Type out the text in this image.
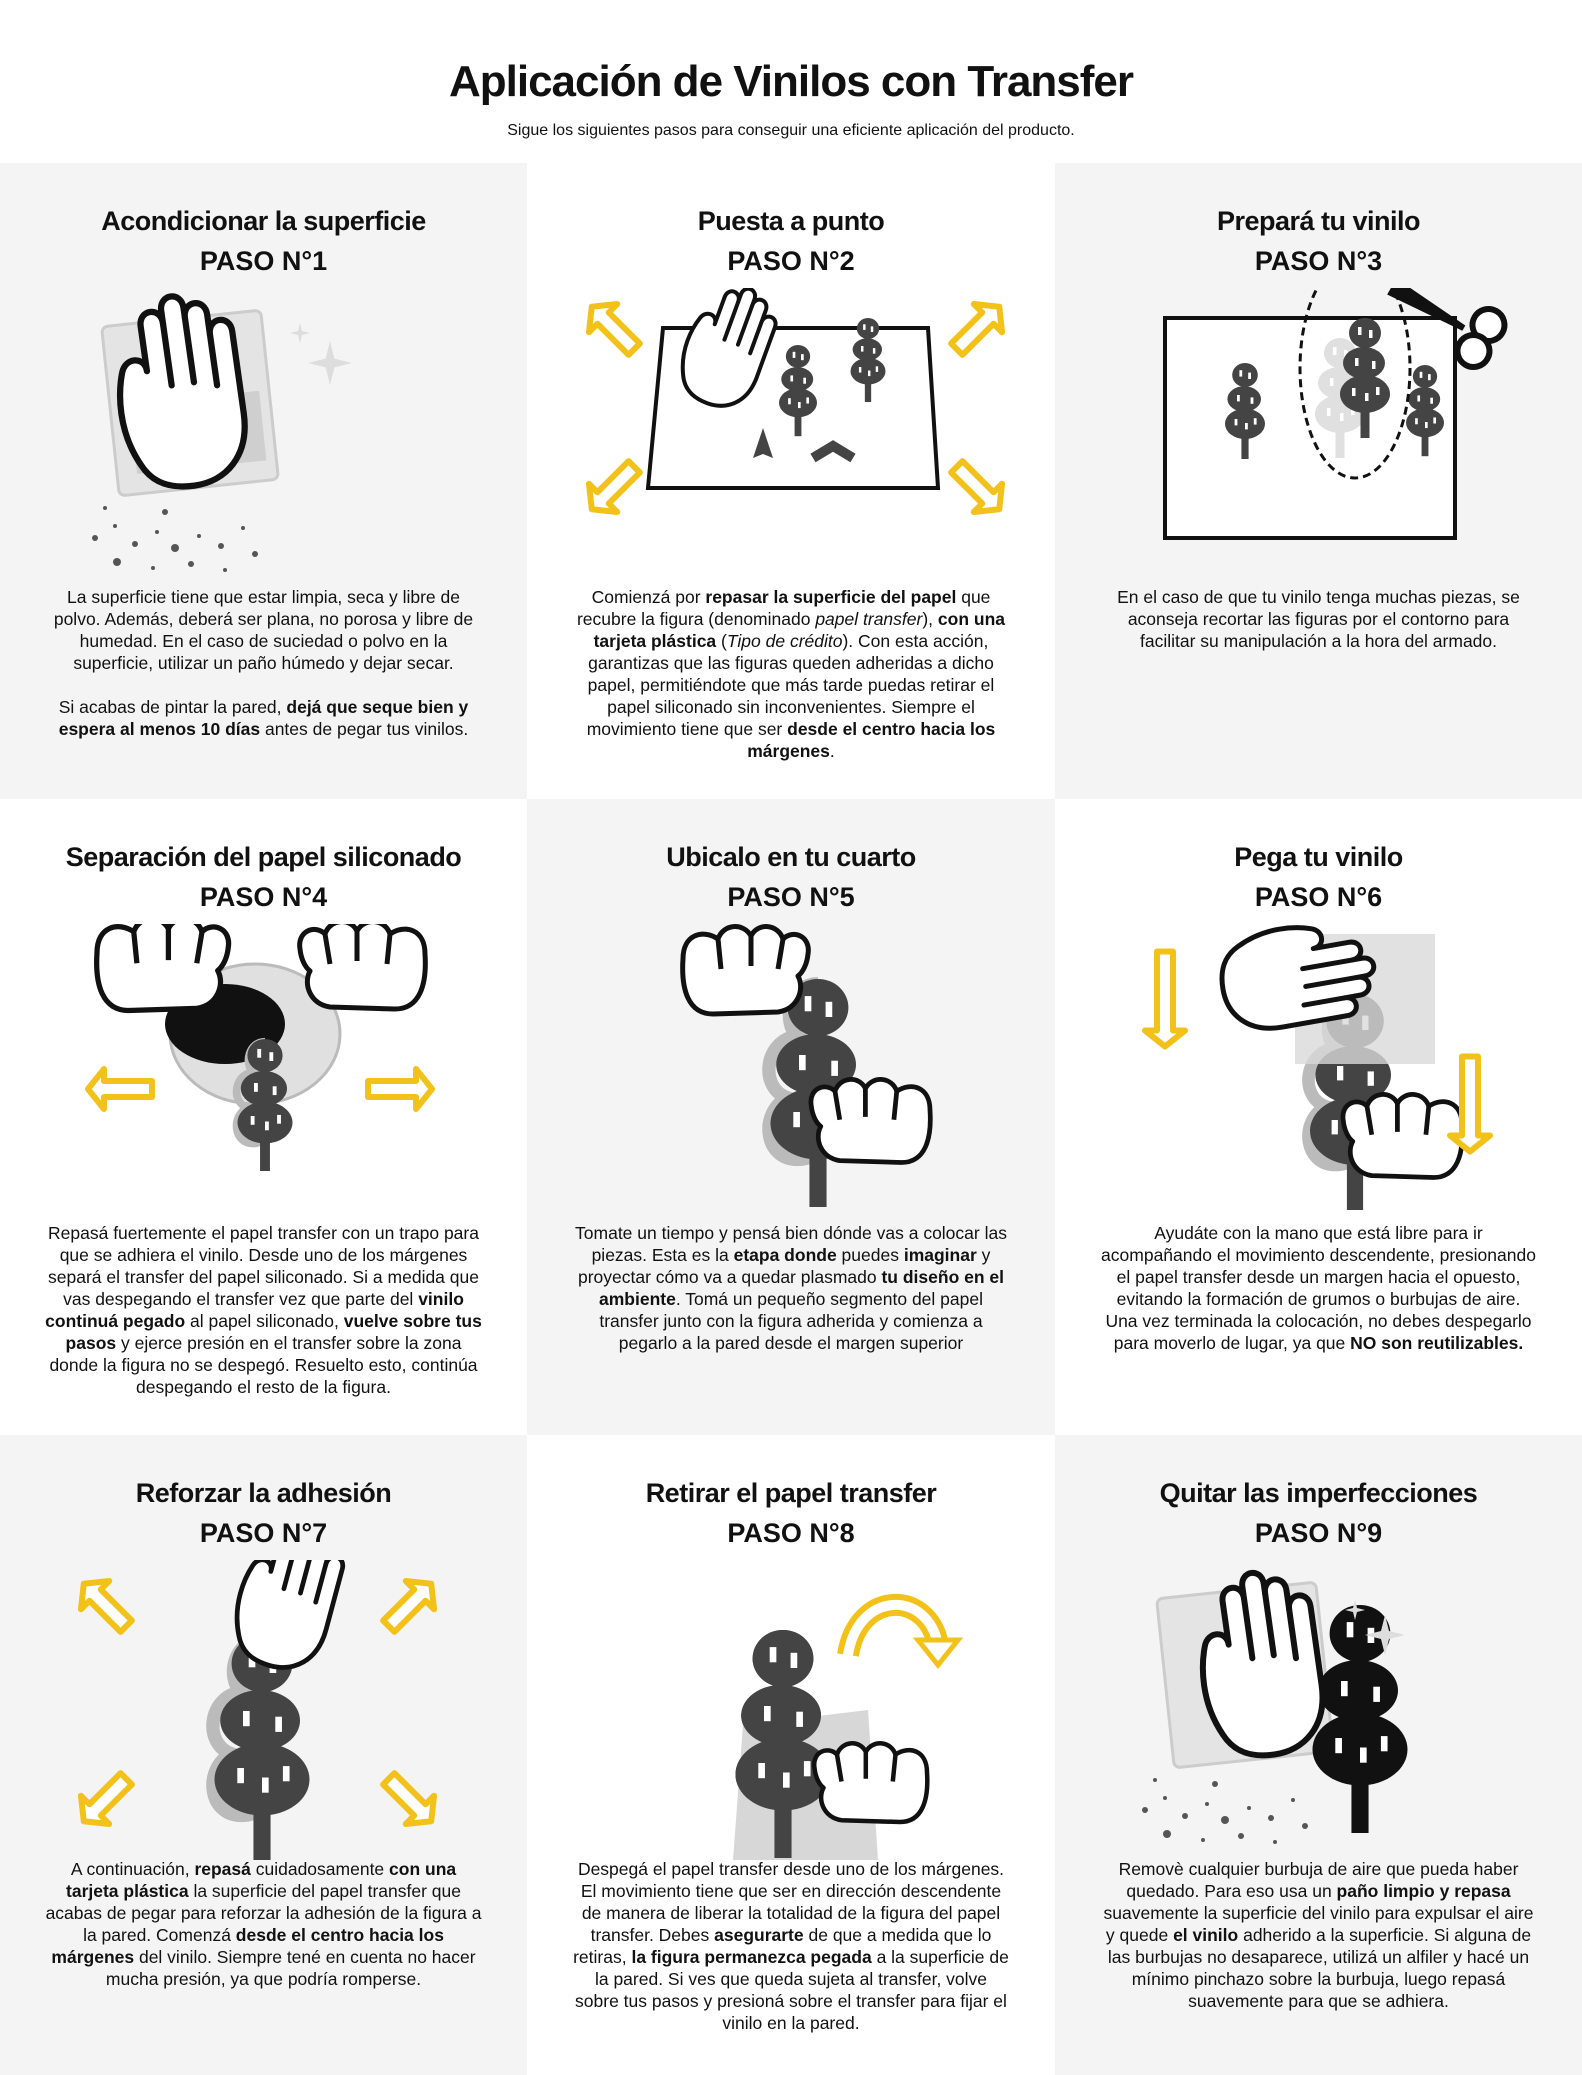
Aplicación de Vinilos con Transfer

Sigue los siguientes pasos para conseguir una eficiente aplicación del producto.

Acondicionar la superficie
PASO N°1

La superficie tiene que estar limpia, seca y libre de polvo. Además, deberá ser plana, no porosa y libre de humedad. En el caso de suciedad o polvo en la superficie, utilizar un paño húmedo y dejar secar.

Si acabas de pintar la pared, dejá que seque bien y espera al menos 10 días antes de pegar tus vinilos.

Puesta a punto
PASO N°2

Comienzá por repasar la superficie del papel que recubre la figura (denominado papel transfer), con una tarjeta plástica (Tipo de crédito). Con esta acción, garantizas que las figuras queden adheridas a dicho papel, permitiéndote que más tarde puedas retirar el papel siliconado sin inconvenientes. Siempre el movimiento tiene que ser desde el centro hacia los márgenes.

Prepará tu vinilo
PASO N°3

En el caso de que tu vinilo tenga muchas piezas, se aconseja recortar las figuras por el contorno para facilitar su manipulación a la hora del armado.

Separación del papel siliconado
PASO N°4

Repasá fuertemente el papel transfer con un trapo para que se adhiera el vinilo. Desde uno de los márgenes separá el transfer del papel siliconado. Si a medida que vas despegando el transfer vez que parte del vinilo continuá pegado al papel siliconado, vuelve sobre tus pasos y ejerce presión en el transfer sobre la zona donde la figura no se despegó. Resuelto esto, continúa despegando el resto de la figura.

Ubicalo en tu cuarto
PASO N°5

Tomate un tiempo y pensá bien dónde vas a colocar las piezas. Esta es la etapa donde puedes imaginar y proyectar cómo va a quedar plasmado tu diseño en el ambiente. Tomá un pequeño segmento del papel transfer junto con la figura adherida y comienza a pegarlo a la pared desde el margen superior

Pega tu vinilo
PASO N°6

Ayudáte con la mano que está libre para ir acompañando el movimiento descendente, presionando el papel transfer desde un margen hacia el opuesto, evitando la formación de grumos o burbujas de aire. Una vez terminada la colocación, no debes despegarlo para moverlo de lugar, ya que NO son reutilizables.

Reforzar la adhesión
PASO N°7

A continuación, repasá cuidadosamente con una tarjeta plástica la superficie del papel transfer que acabas de pegar para reforzar la adhesión de la figura a la pared. Comenzá desde el centro hacia los márgenes del vinilo. Siempre tené en cuenta no hacer mucha presión, ya que podría romperse.

Retirar el papel transfer
PASO N°8

Despegá el papel transfer desde uno de los márgenes. El movimiento tiene que ser en dirección descendente de manera de liberar la totalidad de la figura del papel transfer. Debes asegurarte de que a medida que lo retiras, la figura permanezca pegada a la superficie de la pared. Si ves que queda sujeta al transfer, volve sobre tus pasos y presioná sobre el transfer para fijar el vinilo en la pared.

Quitar las imperfecciones
PASO N°9

Removè cualquier burbuja de aire que pueda haber quedado. Para eso usa un paño limpio y repasa suavemente la superficie del vinilo para expulsar el aire y quede el vinilo adherido a la superficie. Si alguna de las burbujas no desaparece, utilizá un alfiler y hacé un mínimo pinchazo sobre la burbuja, luego repasá suavemente para que se adhiera.
